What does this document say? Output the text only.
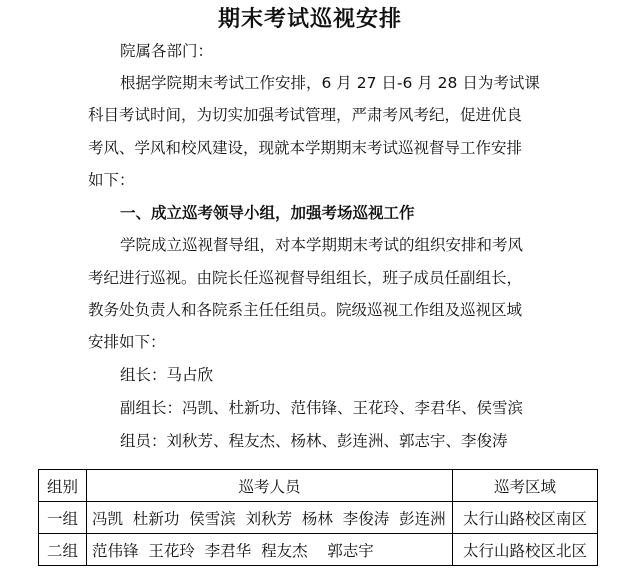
期末考试巡视安排
院属各部门：
根据学院期末考试工作安排，6 月 27 日-6 月 28 日为考试课
科目考试时间，为切实加强考试管理，严肃考风考纪，促进优良
考风、学风和校风建设，现就本学期期末考试巡视督导工作安排
如下：
一、成立巡考领导小组，加强考场巡视工作
学院成立巡视督导组，对本学期期末考试的组织安排和考风
考纪进行巡视。由院长任巡视督导组组长，班子成员任副组长，
教务处负责人和各院系主任任组员。院级巡视工作组及巡视区域
安排如下：
组长：马占欣
副组长：冯凯、杜新功、范伟锋、王花玲、李君华、侯雪滨
组员：刘秋芳、程友杰、杨林、彭连洲、郭志宇、李俊涛
组别	巡考人员	巡考区域
一组	冯凯  杜新功  侯雪滨  刘秋芳  杨林  李俊涛  彭连洲	太行山路校区南区
二组	范伟锋  王花玲  李君华  程友杰    郭志宇	太行山路校区北区
